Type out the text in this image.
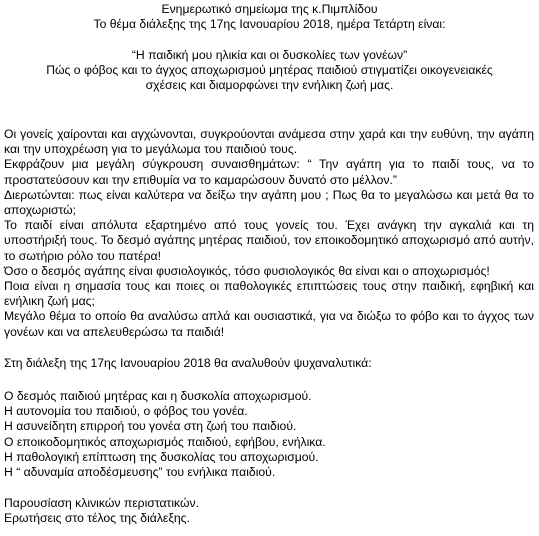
Ενημερωτικό σημείωμα της κ.Πιμπλίδου
Το θέμα διάλεξης της 17ης Ιανουαρίου 2018, ημέρα Τετάρτη είναι:
“Η παιδική μου ηλικία και οι δυσκολίες των γονέων”
Πώς ο φόβος και το άγχος αποχωρισμού μητέρας παιδιού στιγματίζει οικογενειακές
σχέσεις και διαμορφώνει την ενήλικη ζωή μας.
Οι γονείς χαίρονται και αγχώνονται, συγκρούονται ανάμεσα στην χαρά και την ευθύνη, την αγάπη και την υποχρέωση για το μεγάλωμα του παιδιού τους.
Εκφράζουν μια μεγάλη σύγκρουση συναισθημάτων: “ Την αγάπη για το παιδί τους, να το προστατεύσουν και την επιθυμία να το καμαρώσουν δυνατό στο μέλλον.”
Διερωτώνται: πως είναι καλύτερα να δείξω την αγάπη μου ; Πως θα το μεγαλώσω και μετά θα το αποχωριστώ;
Το παιδί είναι απόλυτα εξαρτημένο από τους γονείς του. Έχει ανάγκη την αγκαλιά και τη υποστήριξή τους. Το δεσμό αγάπης μητέρας παιδιού, τον εποικοδομητικό αποχωρισμό από αυτήν, το σωτήριο ρόλο του πατέρα!
Όσο ο δεσμός αγάπης είναι φυσιολογικός, τόσο φυσιολογικός θα είναι και ο αποχωρισμός!
Ποια είναι η σημασία τους και ποιες οι παθολογικές επιπτώσεις τους στην παιδική, εφηβική και ενήλικη ζωή μας;
Μεγάλο θέμα το οποίο θα αναλύσω απλά και ουσιαστικά, για να διώξω το φόβο και το άγχος των γονέων και να απελευθερώσω τα παιδιά!
Στη διάλεξη της 17ης Ιανουαρίου 2018 θα αναλυθούν ψυχαναλυτικά:
Ο δεσμός παιδιού μητέρας και η δυσκολία αποχωρισμού.
Η αυτονομία του παιδιού, ο φόβος του γονέα.
Η ασυνείδητη επιρροή του γονέα στη ζωή του παιδιού.
Ο εποικοδομητικός αποχωρισμός παιδιού, εφήβου, ενήλικα.
Η παθολογική επίπτωση της δυσκολίας του αποχωρισμού.
Η “ αδυναμία αποδέσμευσης” του ενήλικα παιδιού.
Παρουσίαση κλινικών περιστατικών.
Ερωτήσεις στο τέλος της διάλεξης.
